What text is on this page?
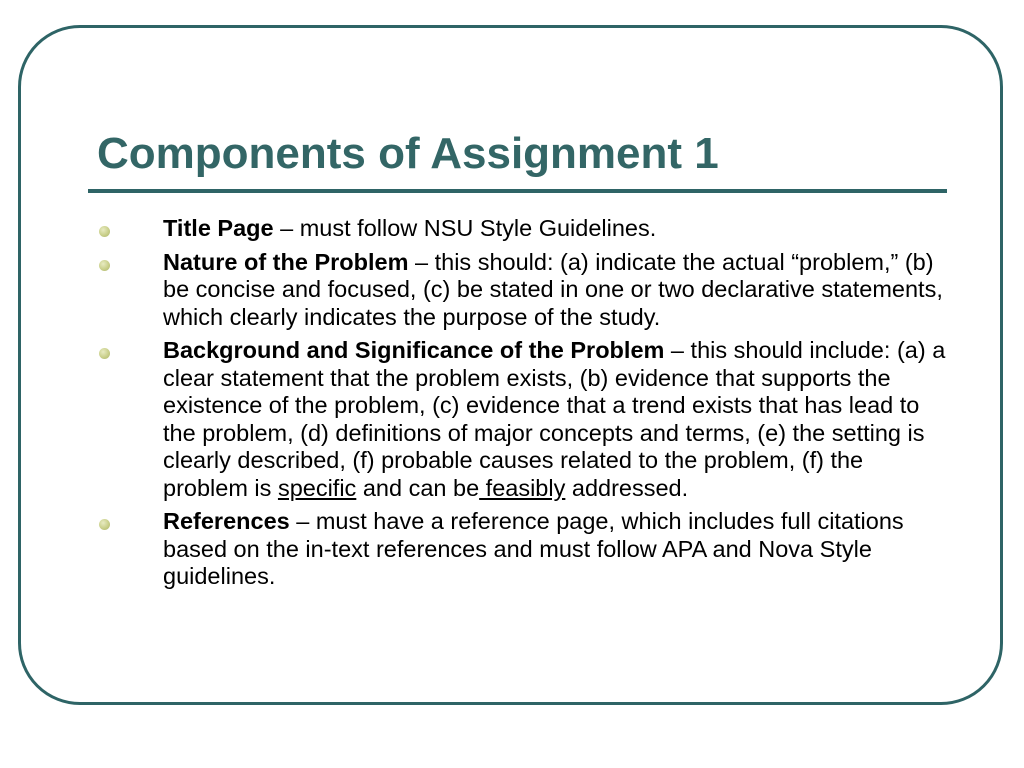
Components of Assignment 1
Title Page – must follow NSU Style Guidelines.
Nature of the Problem – this should: (a) indicate the actual “problem,” (b) be concise and focused, (c) be stated in one or two declarative statements, which clearly indicates the purpose of the study.
Background and Significance of the Problem – this should include: (a) a clear statement that the problem exists, (b) evidence that supports the existence of the problem, (c) evidence that a trend exists that has lead to the problem, (d) definitions of major concepts and terms, (e) the setting is clearly described, (f) probable causes related to the problem, (f) the problem is specific and can be feasibly addressed.
References – must have a reference page, which includes full citations based on the in-text references and must follow APA and Nova Style guidelines.
